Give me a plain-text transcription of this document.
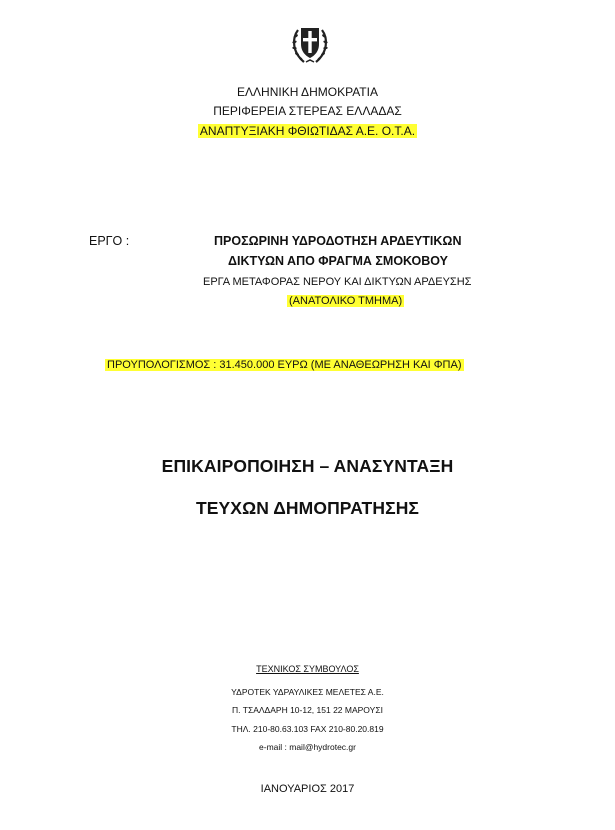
ΕΛΛΗΝΙΚΗ ΔΗΜΟΚΡΑΤΙΑ
ΠΕΡΙΦΕΡΕΙΑ ΣΤΕΡΕΑΣ ΕΛΛΑΔΑΣ
ΑΝΑΠΤΥΞΙΑΚΗ ΦΘΙΩΤΙΔΑΣ Α.Ε. Ο.Τ.Α.
ΕΡΓΟ :	ΠΡΟΣΩΡΙΝΗ ΥΔΡΟΔΟΤΗΣΗ ΑΡΔΕΥΤΙΚΩΝ
ΔΙΚΤΥΩΝ ΑΠΟ ΦΡΑΓΜΑ ΣΜΟΚΟΒΟΥ
ΕΡΓΑ ΜΕΤΑΦΟΡΑΣ ΝΕΡΟΥ ΚΑΙ ΔΙΚΤΥΩΝ ΑΡΔΕΥΣΗΣ
(ΑΝΑΤΟΛΙΚΟ ΤΜΗΜΑ)
ΠΡΟΥΠΟΛΟΓΙΣΜΟΣ : 31.450.000 ΕΥΡΩ (ΜΕ ΑΝΑΘΕΩΡΗΣΗ ΚΑΙ ΦΠΑ)
ΕΠΙΚΑΙΡΟΠΟΙΗΣΗ – ΑΝΑΣΥΝΤΑΞΗ
ΤΕΥΧΩΝ ΔΗΜΟΠΡΑΤΗΣΗΣ
ΤΕΧΝΙΚΟΣ ΣΥΜΒΟΥΛΟΣ
ΥΔΡΟΤΕΚ ΥΔΡΑΥΛΙΚΕΣ ΜΕΛΕΤΕΣ Α.Ε.
Π. ΤΣΑΛΔΑΡΗ 10-12, 151 22 ΜΑΡΟΥΣΙ
ΤΗΛ. 210-80.63.103 FAX 210-80.20.819
e-mail : mail@hydrotec.gr
ΙΑΝΟΥΑΡΙΟΣ 2017
